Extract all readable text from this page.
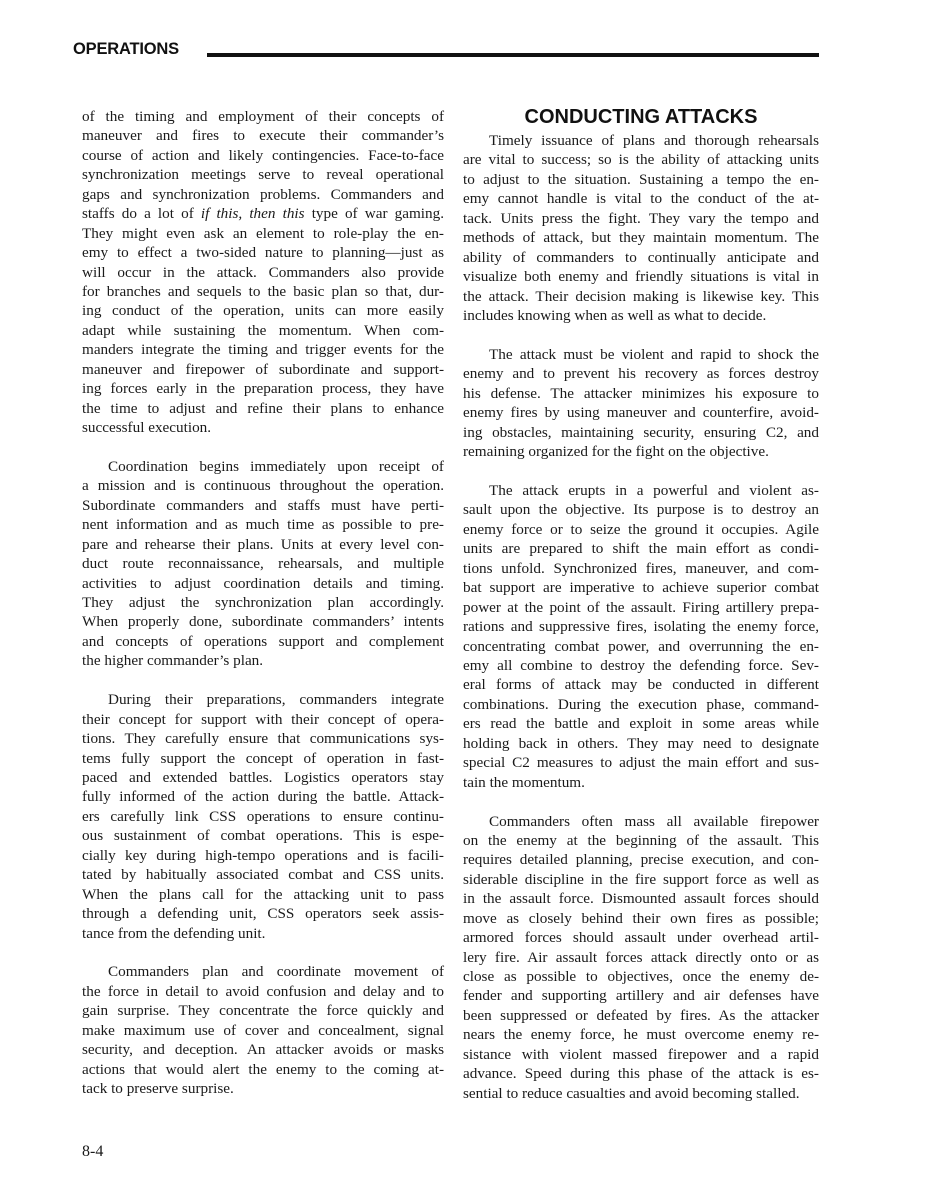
OPERATIONS
of the timing and employment of their concepts of
maneuver and fires to execute their commander’s
course of action and likely contingencies. Face-to-face
synchronization meetings serve to reveal operational
gaps and synchronization problems. Commanders and
staffs do a lot of if this, then this type of war gaming.
They might even ask an element to role-play the en-
emy to effect a two-sided nature to planning—just as
will occur in the attack. Commanders also provide
for branches and sequels to the basic plan so that, dur-
ing conduct of the operation, units can more easily
adapt while sustaining the momentum. When com-
manders integrate the timing and trigger events for the
maneuver and firepower of subordinate and support-
ing forces early in the preparation process, they have
the time to adjust and refine their plans to enhance
successful execution.
Coordination begins immediately upon receipt of
a mission and is continuous throughout the operation.
Subordinate commanders and staffs must have perti-
nent information and as much time as possible to pre-
pare and rehearse their plans. Units at every level con-
duct route reconnaissance, rehearsals, and multiple
activities to adjust coordination details and timing.
They adjust the synchronization plan accordingly.
When properly done, subordinate commanders’ intents
and concepts of operations support and complement
the higher commander’s plan.
During their preparations, commanders integrate
their concept for support with their concept of opera-
tions. They carefully ensure that communications sys-
tems fully support the concept of operation in fast-
paced and extended battles. Logistics operators stay
fully informed of the action during the battle. Attack-
ers carefully link CSS operations to ensure continu-
ous sustainment of combat operations. This is espe-
cially key during high-tempo operations and is facili-
tated by habitually associated combat and CSS units.
When the plans call for the attacking unit to pass
through a defending unit, CSS operators seek assis-
tance from the defending unit.
Commanders plan and coordinate movement of
the force in detail to avoid confusion and delay and to
gain surprise. They concentrate the force quickly and
make maximum use of cover and concealment, signal
security, and deception. An attacker avoids or masks
actions that would alert the enemy to the coming at-
tack to preserve surprise.
CONDUCTING ATTACKS
Timely issuance of plans and thorough rehearsals
are vital to success; so is the ability of attacking units
to adjust to the situation. Sustaining a tempo the en-
emy cannot handle is vital to the conduct of the at-
tack. Units press the fight. They vary the tempo and
methods of attack, but they maintain momentum. The
ability of commanders to continually anticipate and
visualize both enemy and friendly situations is vital in
the attack. Their decision making is likewise key. This
includes knowing when as well as what to decide.
The attack must be violent and rapid to shock the
enemy and to prevent his recovery as forces destroy
his defense. The attacker minimizes his exposure to
enemy fires by using maneuver and counterfire, avoid-
ing obstacles, maintaining security, ensuring C2, and
remaining organized for the fight on the objective.
The attack erupts in a powerful and violent as-
sault upon the objective. Its purpose is to destroy an
enemy force or to seize the ground it occupies. Agile
units are prepared to shift the main effort as condi-
tions unfold. Synchronized fires, maneuver, and com-
bat support are imperative to achieve superior combat
power at the point of the assault. Firing artillery prepa-
rations and suppressive fires, isolating the enemy force,
concentrating combat power, and overrunning the en-
emy all combine to destroy the defending force. Sev-
eral forms of attack may be conducted in different
combinations. During the execution phase, command-
ers read the battle and exploit in some areas while
holding back in others. They may need to designate
special C2 measures to adjust the main effort and sus-
tain the momentum.
Commanders often mass all available firepower
on the enemy at the beginning of the assault. This
requires detailed planning, precise execution, and con-
siderable discipline in the fire support force as well as
in the assault force. Dismounted assault forces should
move as closely behind their own fires as possible;
armored forces should assault under overhead artil-
lery fire. Air assault forces attack directly onto or as
close as possible to objectives, once the enemy de-
fender and supporting artillery and air defenses have
been suppressed or defeated by fires. As the attacker
nears the enemy force, he must overcome enemy re-
sistance with violent massed firepower and a rapid
advance. Speed during this phase of the attack is es-
sential to reduce casualties and avoid becoming stalled.
8-4
